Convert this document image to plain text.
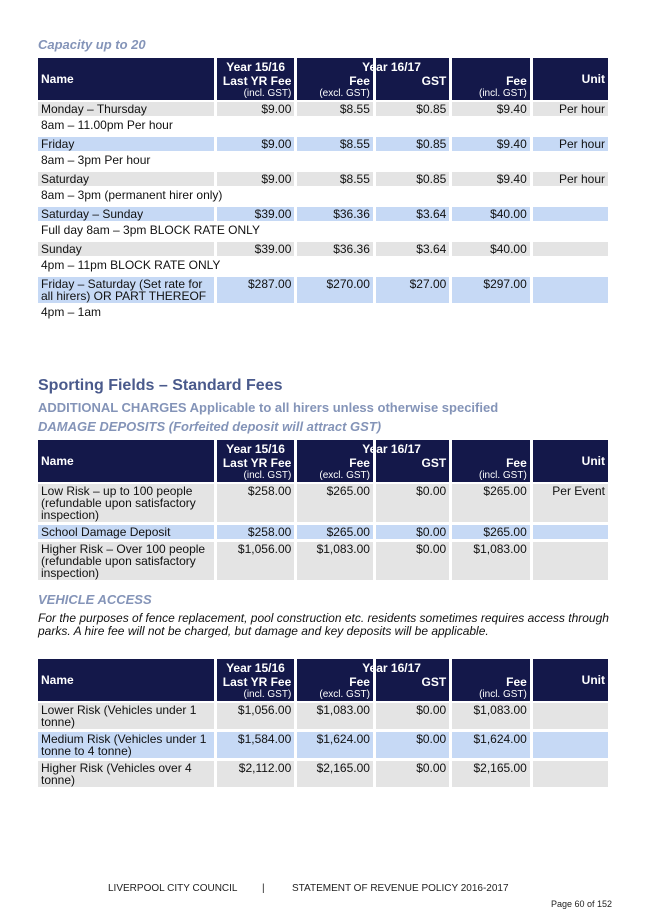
Capacity up to 20
Name	Year 15/16
Last YR Fee
(incl. GST)	Fee
(excl. GST)
Year 16/17	GST	Fee
(incl. GST)	Unit

Monday – Thursday	$9.00	$8.55	$0.85	$9.40	Per hour
8am – 11.00pm Per hour					
Friday	$9.00	$8.55	$0.85	$9.40	Per hour
8am – 3pm Per hour					
Saturday	$9.00	$8.55	$0.85	$9.40	Per hour
8am – 3pm (permanent hirer only)					
Saturday – Sunday	$39.00	$36.36	$3.64	$40.00	
Full day 8am – 3pm BLOCK RATE ONLY					
Sunday	$39.00	$36.36	$3.64	$40.00	
4pm – 11pm BLOCK RATE ONLY					
Friday – Saturday (Set rate for all hirers) OR PART THEREOF	$287.00	$270.00	$27.00	$297.00	
4pm – 1am					
Sporting Fields – Standard Fees
ADDITIONAL CHARGES Applicable to all hirers unless otherwise specified
DAMAGE DEPOSITS (Forfeited deposit will attract GST)
Name	Year 15/16
Last YR Fee
(incl. GST)	Fee
(excl. GST)
Year 16/17	GST	Fee
(incl. GST)	Unit

Low Risk – up to 100 people (refundable upon satisfactory inspection)	$258.00	$265.00	$0.00	$265.00	Per Event

School Damage Deposit	$258.00	$265.00	$0.00	$265.00	

Higher Risk – Over 100 people (refundable upon satisfactory inspection)	$1,056.00	$1,083.00	$0.00	$1,083.00	

VEHICLE ACCESS
For the purposes of fence replacement, pool construction etc. residents sometimes requires access through parks. A hire fee will not be charged, but damage and key deposits will be applicable.
Name	Year 15/16
Last YR Fee
(incl. GST)	Fee
(excl. GST)
Year 16/17	GST	Fee
(incl. GST)	Unit

Lower Risk (Vehicles under 1 tonne)	$1,056.00	$1,083.00	$0.00	$1,083.00	

Medium Risk (Vehicles under 1 tonne to 4 tonne)	$1,584.00	$1,624.00	$0.00	$1,624.00	

Higher Risk (Vehicles over 4 tonne)	$2,112.00	$2,165.00	$0.00	$2,165.00	

LIVERPOOL CITY COUNCIL |	STATEMENT OF REVENUE POLICY 2016-2017
Page 60 of 152
